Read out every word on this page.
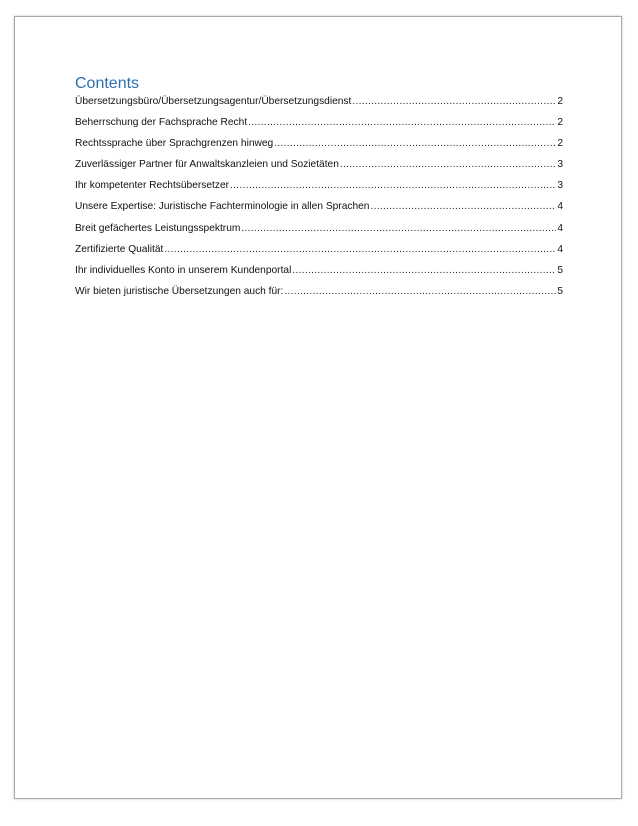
Contents
Übersetzungsbüro/Übersetzungsagentur/Übersetzungsdienst .....	2
Beherrschung der Fachsprache Recht .....	2
Rechtssprache über Sprachgrenzen hinweg .....	2
Zuverlässiger Partner für Anwaltskanzleien und Sozietäten .....	3
Ihr kompetenter Rechtsübersetzer .....	3
Unsere Expertise: Juristische Fachterminologie in allen Sprachen .....	4
Breit gefächertes Leistungsspektrum .....	4
Zertifizierte Qualität .....	4
Ihr individuelles Konto in unserem Kundenportal .....	5
Wir bieten juristische Übersetzungen auch für: .....	5
